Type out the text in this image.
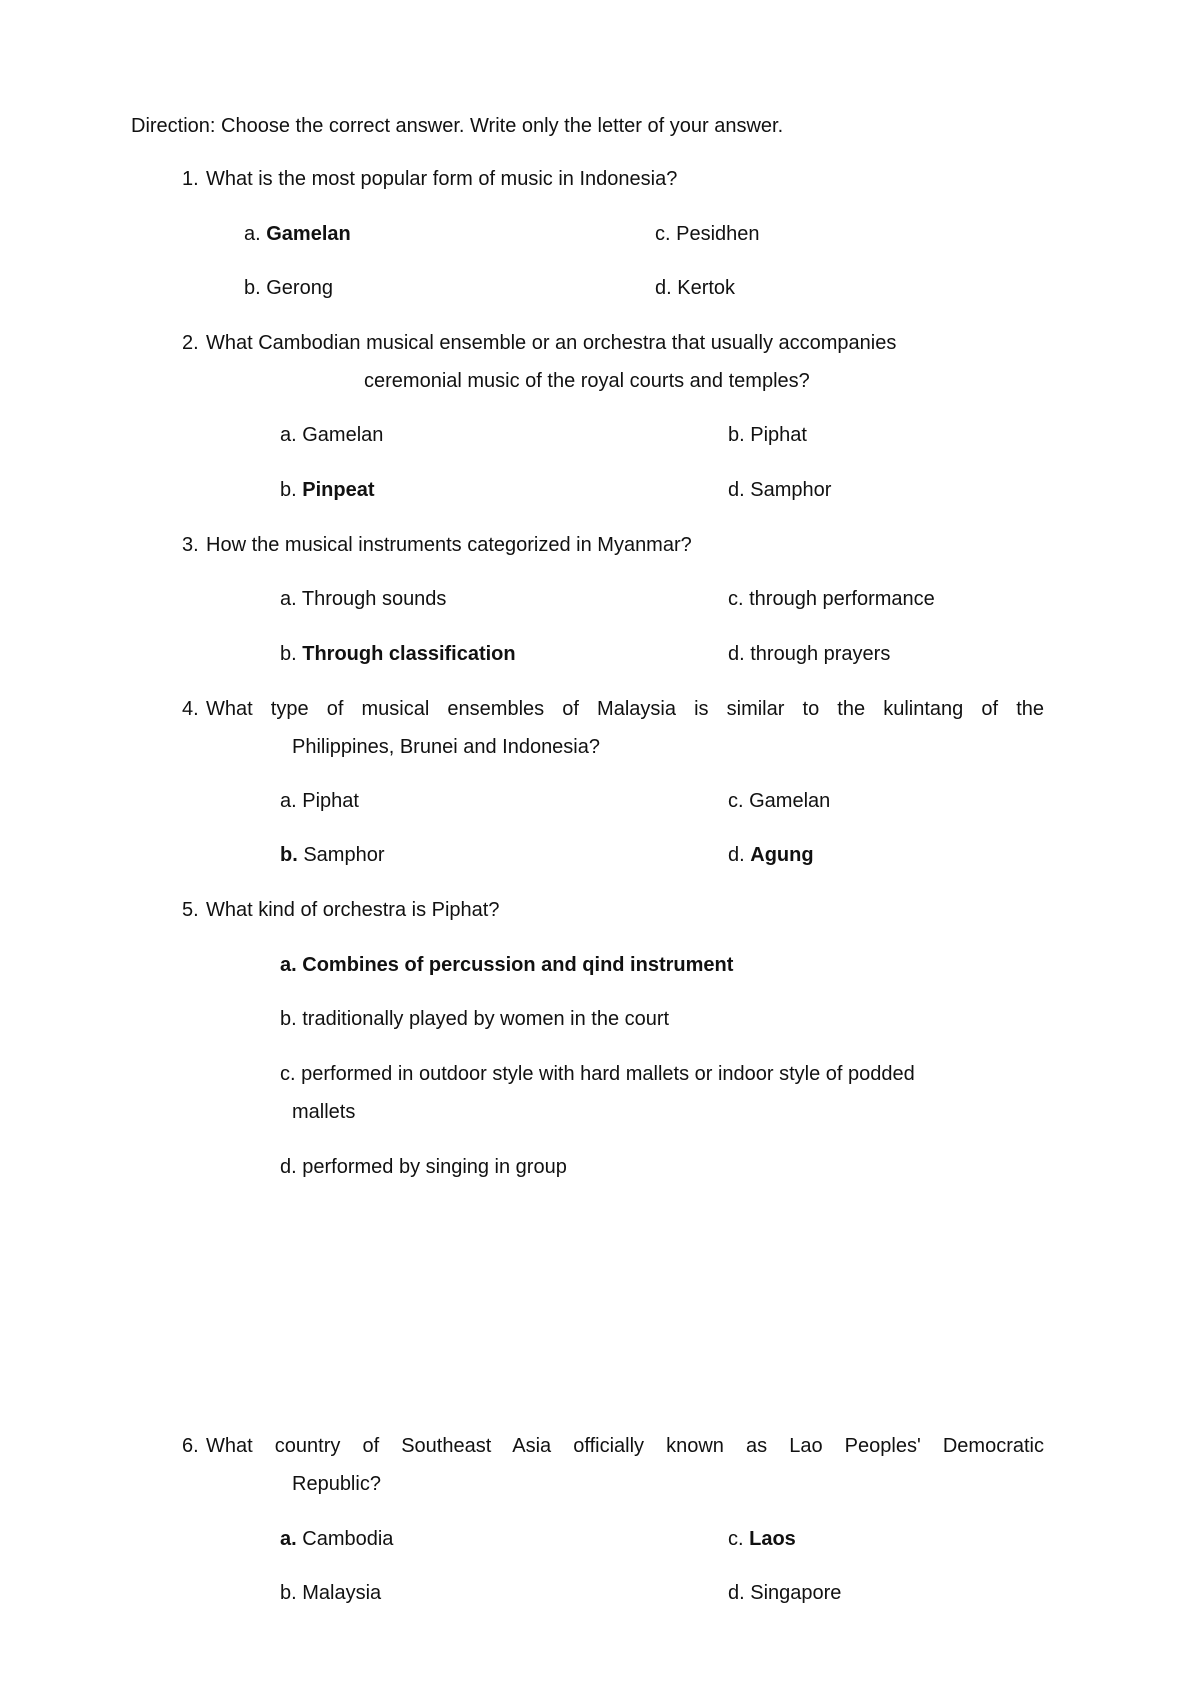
Direction: Choose the correct answer. Write only the letter of your answer.
1. What is the most popular form of music in Indonesia?
a. Gamelan	c. Pesidhen
b. Gerong	d. Kertok
2. What Cambodian musical ensemble or an orchestra that usually accompanies
ceremonial music of the royal courts and temples?
a. Gamelan	b. Piphat
b. Pinpeat	d. Samphor
3. How the musical instruments categorized in Myanmar?
a. Through sounds	c. through performance
b. Through classification	d. through prayers
4. What type of musical ensembles of Malaysia is similar to the kulintang of the
Philippines, Brunei and Indonesia?
a. Piphat	c. Gamelan
b. Samphor	d. Agung
5. What kind of orchestra is Piphat?
a. Combines of percussion and qind instrument
b. traditionally played by women in the court
c. performed in outdoor style with hard mallets or indoor style of podded
mallets
d. performed by singing in group
6. What country of Southeast Asia officially known as Lao Peoples' Democratic
Republic?
a. Cambodia	c. Laos
b. Malaysia	d. Singapore
